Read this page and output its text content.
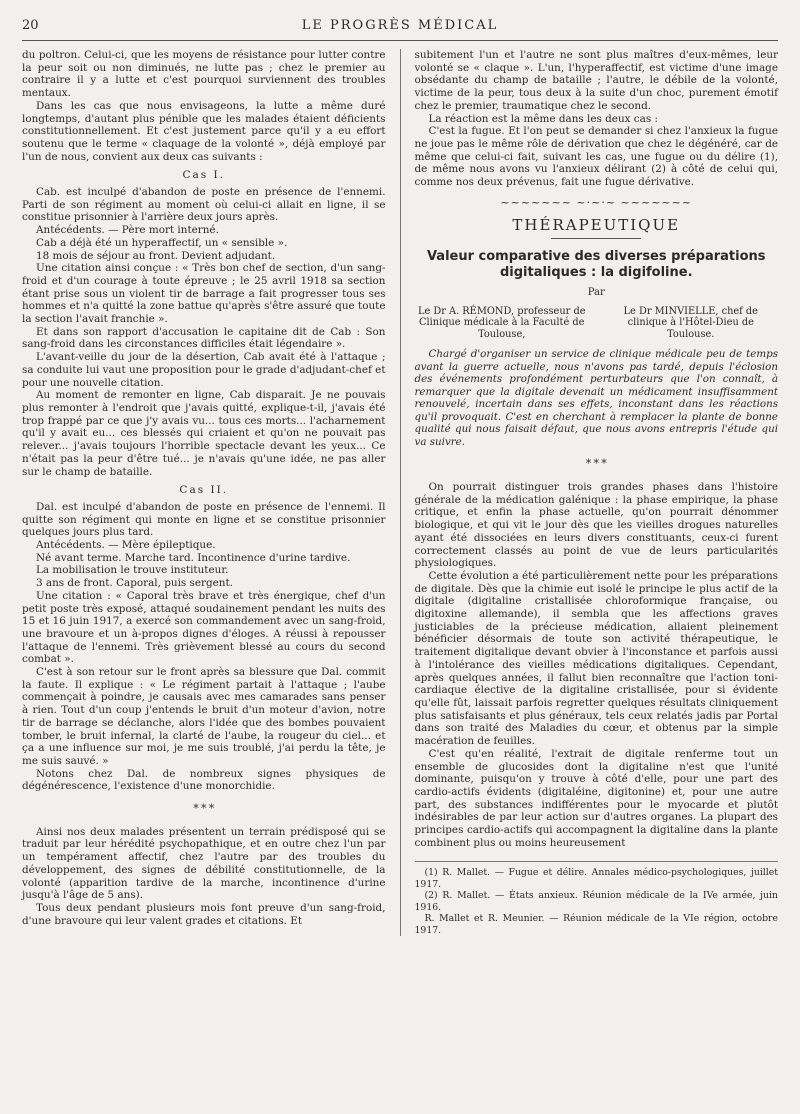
20	LE PROGRÈS MÉDICAL

du poltron. Celui-ci, que les moyens de résistance pour lutter contre la peur soit ou non diminués, ne lutte pas ; chez le premier au contraire il y a lutte et c'est pourquoi surviennent des troubles mentaux.

Dans les cas que nous envisageons, la lutte a même duré longtemps, d'autant plus pénible que les malades étaient déficients constitutionnellement. Et c'est justement parce qu'il y a eu effort soutenu que le terme « claquage de la volonté », déjà employé par l'un de nous, convient aux deux cas suivants :

Cas I.

Cab. est inculpé d'abandon de poste en présence de l'ennemi. Parti de son régiment au moment où celui-ci allait en ligne, il se constitue prisonnier à l'arrière deux jours après.

Antécédents. — Père mort interné.

Cab a déjà été un hyperaffectif, un « sensible ».

18 mois de séjour au front. Devient adjudant.

Une citation ainsi conçue : « Très bon chef de section, d'un sang-froid et d'un courage à toute épreuve ; le 25 avril 1918 sa section étant prise sous un violent tir de barrage a fait progresser tous ses hommes et n'a quitté la zone battue qu'après s'être assuré que toute la section l'avait franchie ».

Et dans son rapport d'accusation le capitaine dit de Cab : Son sang-froid dans les circonstances difficiles était légendaire ».

L'avant-veille du jour de la désertion, Cab avait été à l'attaque ; sa conduite lui vaut une proposition pour le grade d'adjudant-chef et pour une nouvelle citation.

Au moment de remonter en ligne, Cab disparait. Je ne pouvais plus remonter à l'endroit que j'avais quitté, explique-t-il, j'avais été trop frappé par ce que j'y avais vu... tous ces morts... l'acharnement qu'il y avait eu... ces blessés qui criaient et qu'on ne pouvait pas relever... j'avais toujours l'horrible spectacle devant les yeux... Ce n'était pas la peur d'être tué... je n'avais qu'une idée, ne pas aller sur le champ de bataille.

Cas II.

Dal. est inculpé d'abandon de poste en présence de l'ennemi. Il quitte son régiment qui monte en ligne et se constitue prisonnier quelques jours plus tard.

Antécédents. — Mère épileptique.

Né avant terme. Marche tard. Incontinence d'urine tardive.

La mobilisation le trouve instituteur.

3 ans de front. Caporal, puis sergent.

Une citation : « Caporal très brave et très énergique, chef d'un petit poste très exposé, attaqué soudainement pendant les nuits des 15 et 16 juin 1917, a exercé son commandement avec un sang-froid, une bravoure et un à-propos dignes d'éloges. A réussi à repousser l'attaque de l'ennemi. Très grièvement blessé au cours du second combat ».

C'est à son retour sur le front après sa blessure que Dal. commit la faute. Il explique : « Le régiment partait à l'attaque ; l'aube commençait à poindre, je causais avec mes camarades sans penser à rien. Tout d'un coup j'entends le bruit d'un moteur d'avion, notre tir de barrage se déclanche, alors l'idée que des bombes pouvaient tomber, le bruit infernal, la clarté de l'aube, la rougeur du ciel... et ça a une influence sur moi, je me suis troublé, j'ai perdu la tête, je me suis sauvé. »

Notons chez Dal. de nombreux signes physiques de dégénérescence, l'existence d'une monorchidie.

* * *

Ainsi nos deux malades présentent un terrain prédisposé qui se traduit par leur hérédité psychopathique, et en outre chez l'un par un tempérament affectif, chez l'autre par des troubles du développement, des signes de débilité constitutionnelle, de la volonté (apparition tardive de la marche, incontinence d'urine jusqu'à l'âge de 5 ans).

Tous deux pendant plusieurs mois font preuve d'un sang-froid, d'une bravoure qui leur valent grades et citations. Et

subitement l'un et l'autre ne sont plus maîtres d'eux-mêmes, leur volonté se « claque ». L'un, l'hyperaffectif, est victime d'une image obsédante du champ de bataille ; l'autre, le débile de la volonté, victime de la peur, tous deux à la suite d'un choc, purement émotif chez le premier, traumatique chez le second.

La réaction est la même dans les deux cas :

C'est la fugue. Et l'on peut se demander si chez l'anxieux la fugue ne joue pas le même rôle de dérivation que chez le dégénéré, car de même que celui-ci fait, suivant les cas, une fugue ou du délire (1), de même nous avons vu l'anxieux délirant (2) à côté de celui qui, comme nos deux prévenus, fait une fugue dérivative.

~~~~~~~ ~·~·~ ~~~~~~~
THÉRAPEUTIQUE
Valeur comparative des diverses préparations digitaliques : la digifoline.
Par
Le Dr A. RÉMOND, professeur de Clinique médicale à la Faculté de Toulouse,
Le Dr MINVIELLE, chef de clinique à l'Hôtel-Dieu de Toulouse.

Chargé d'organiser un service de clinique médicale peu de temps avant la guerre actuelle, nous n'avons pas tardé, depuis l'éclosion des événements profondément perturbateurs que l'on connaît, à remarquer que la digitale devenait un médicament insuffisamment renouvelé, incertain dans ses effets, inconstant dans les réactions qu'il provoquait. C'est en cherchant à remplacer la plante de bonne qualité qui nous faisait défaut, que nous avons entrepris l'étude qui va suivre.

* * *

On pourrait distinguer trois grandes phases dans l'histoire générale de la médication galénique : la phase empirique, la phase critique, et enfin la phase actuelle, qu'on pourrait dénommer biologique, et qui vit le jour dès que les vieilles drogues naturelles ayant été dissociées en leurs divers constituants, ceux-ci furent correctement classés au point de vue de leurs particularités physiologiques.

Cette évolution a été particulièrement nette pour les préparations de digitale. Dès que la chimie eut isolé le principe le plus actif de la digitale (digitaline cristallisée chloroformique française, ou digitoxine allemande), il sembla que les affections graves justiciables de la précieuse médication, allaient pleinement bénéficier désormais de toute son activité thérapeutique, le traitement digitalique devant obvier à l'inconstance et parfois aussi à l'intolérance des vieilles médications digitaliques. Cependant, après quelques années, il fallut bien reconnaître que l'action toni-cardiaque élective de la digitaline cristallisée, pour si évidente qu'elle fût, laissait parfois regretter quelques résultats cliniquement plus satisfaisants et plus généraux, tels ceux relatés jadis par Portal dans son traité des Maladies du cœur, et obtenus par la simple macération de feuilles.

C'est qu'en réalité, l'extrait de digitale renferme tout un ensemble de glucosides dont la digitaline n'est que l'unité dominante, puisqu'on y trouve à côté d'elle, pour une part des cardio-actifs évidents (digitaléine, digitonine) et, pour une autre part, des substances indifférentes pour le myocarde et plutôt indésirables de par leur action sur d'autres organes. La plupart des principes cardio-actifs qui accompagnent la digitaline dans la plante combinent plus ou moins heureusement

(1) R. Mallet. — Fugue et délire. Annales médico-psychologiques, juillet 1917.

(2) R. Mallet. — États anxieux. Réunion médicale de la IVe armée, juin 1916.

R. Mallet et R. Meunier. — Réunion médicale de la VIe région, octobre 1917.
